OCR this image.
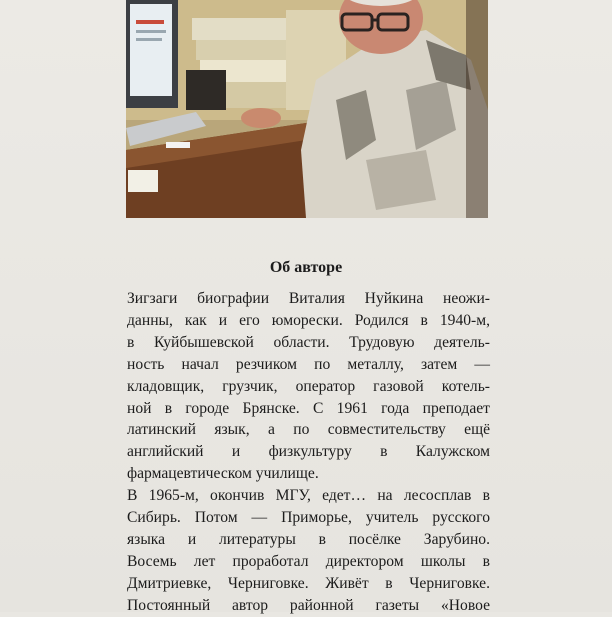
Об авторе
Зигзаги биографии Виталия Нуйкина неожи-
данны, как и его юморески. Родился в 1940-м,
в Куйбышевской области. Трудовую деятель-
ность начал резчиком по металлу, затем —
кладовщик, грузчик, оператор газовой котель-
ной в городе Брянске. С 1961 года преподает
латинский язык, а по совместительству ещё
английский и физкультуру в Калужском
фармацевтическом училище.
В 1965-м, окончив МГУ, едет… на лесосплав в
Сибирь. Потом — Приморье, учитель русского
языка и литературы в посёлке Зарубино.
Восемь лет проработал директором школы в
Дмитриевке, Черниговке. Живёт в Черниговке.
Постоянный автор районной газеты «Новое
